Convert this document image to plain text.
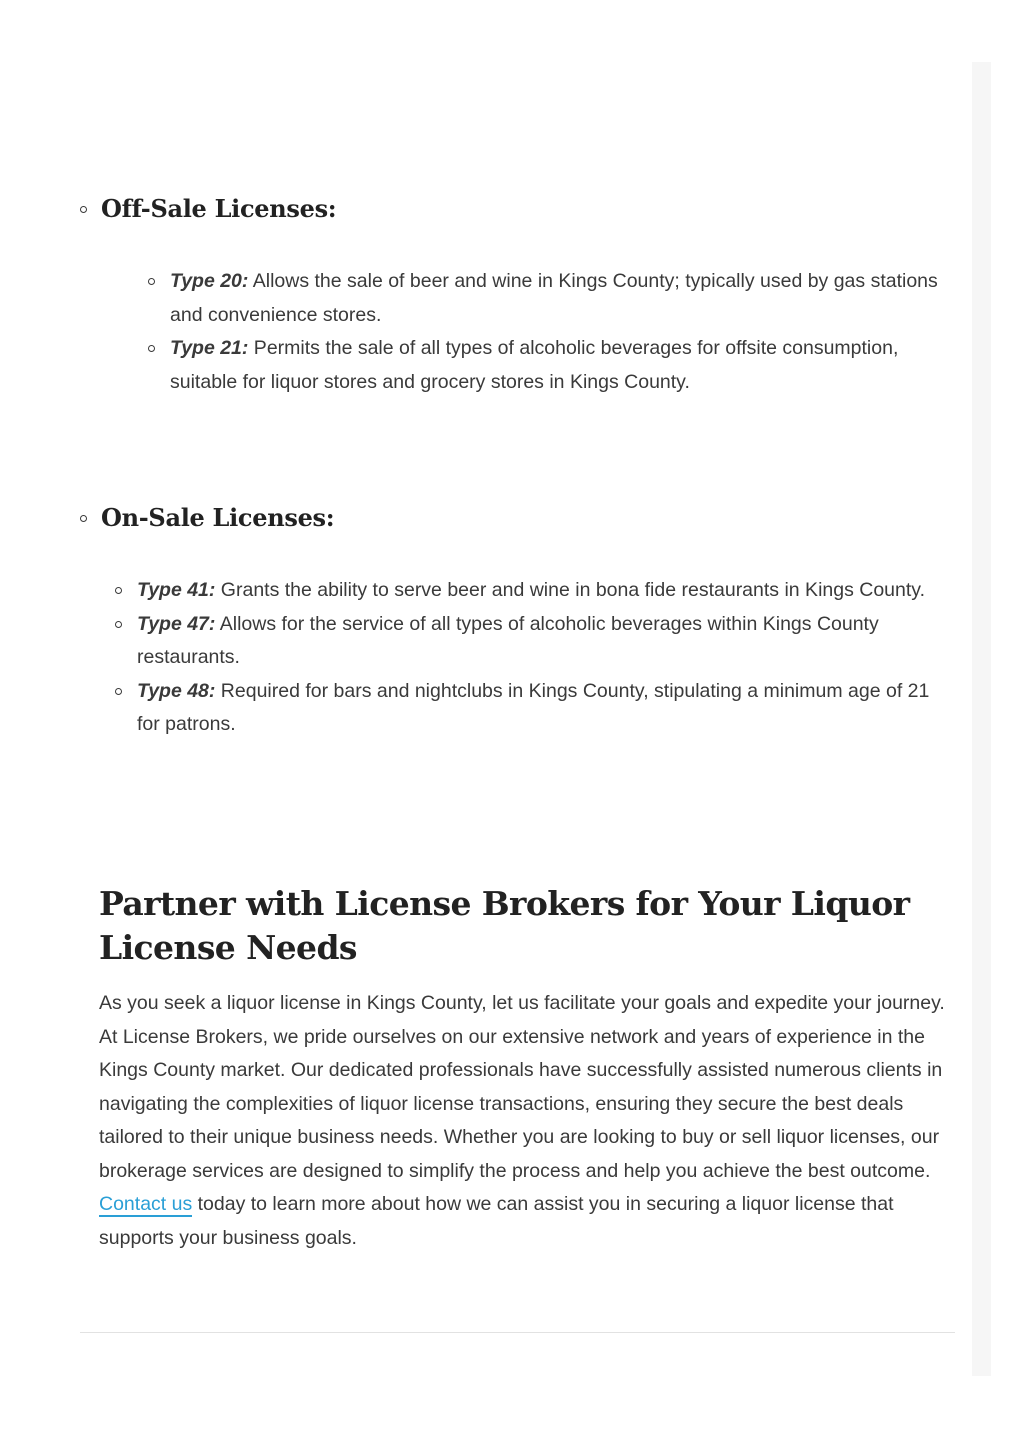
Off-Sale Licenses:
Type 20: Allows the sale of beer and wine in Kings County; typically used by gas stations and convenience stores.
Type 21: Permits the sale of all types of alcoholic beverages for offsite consumption, suitable for liquor stores and grocery stores in Kings County.
On-Sale Licenses:
Type 41: Grants the ability to serve beer and wine in bona fide restaurants in Kings County.
Type 47: Allows for the service of all types of alcoholic beverages within Kings County restaurants.
Type 48: Required for bars and nightclubs in Kings County, stipulating a minimum age of 21 for patrons.
Partner with License Brokers for Your Liquor License Needs

As you seek a liquor license in Kings County, let us facilitate your goals and expedite your journey. At License Brokers, we pride ourselves on our extensive network and years of experience in the Kings County market. Our dedicated professionals have successfully assisted numerous clients in navigating the complexities of liquor license transactions, ensuring they secure the best deals tailored to their unique business needs. Whether you are looking to buy or sell liquor licenses, our brokerage services are designed to simplify the process and help you achieve the best outcome. Contact us today to learn more about how we can assist you in securing a liquor license that supports your business goals.
